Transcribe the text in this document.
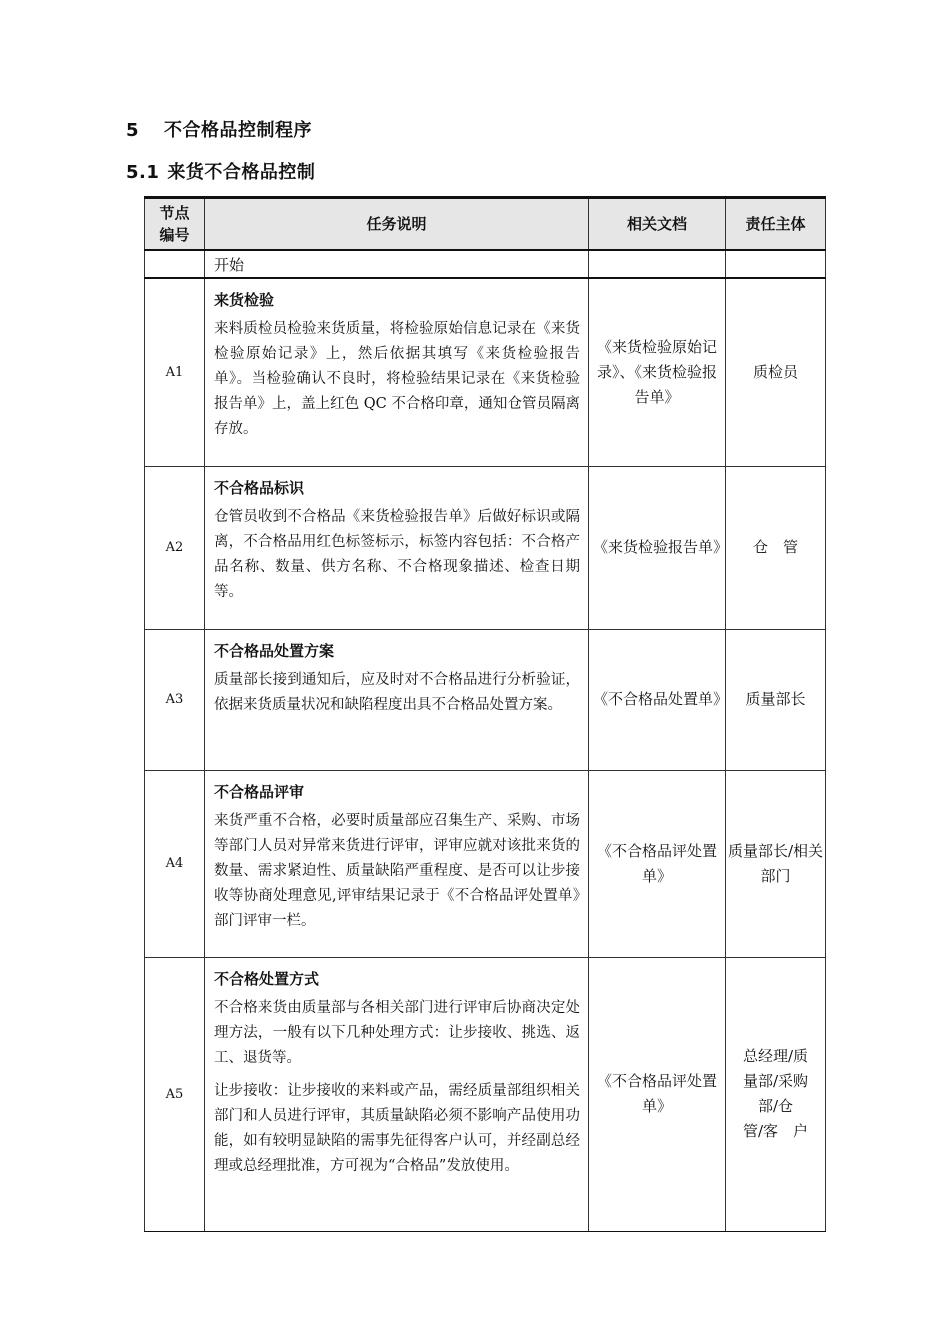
5 不合格品控制程序
5.1 来货不合格品控制
节点
编号	任务说明	相关文档	责任主体
	开始		
A1	来货检验
来料质检员检验来货质量，将检验原始信息记录在《来货检验原始记录》上，然后依据其填写《来货检验报告单》。当检验确认不良时，将检验结果记录在《来货检验报告单》上，盖上红色 QC 不合格印章，通知仓管员隔离存放。	《来货检验原始记录》、《来货检验报告单》	质检员
A2	不合格品标识
仓管员收到不合格品《来货检验报告单》后做好标识或隔离，不合格品用红色标签标示，标签内容包括：不合格产品名称、数量、供方名称、不合格现象描述、检查日期等。	《来货检验报告单》	仓　管
A3	不合格品处置方案
质量部长接到通知后，应及时对不合格品进行分析验证，依据来货质量状况和缺陷程度出具不合格品处置方案。	《不合格品处置单》	质量部长
A4	不合格品评审
来货严重不合格，必要时质量部应召集生产、采购、市场等部门人员对异常来货进行评审，评审应就对该批来货的数量、需求紧迫性、质量缺陷严重程度、是否可以让步接收等协商处理意见,评审结果记录于《不合格品评处置单》部门评审一栏。	《不合格品评处置单》	质量部长/相关部门
A5	不合格处置方式
不合格来货由质量部与各相关部门进行评审后协商决定处理方法，一般有以下几种处理方式：让步接收、挑选、返工、退货等。
让步接收：让步接收的来料或产品，需经质量部组织相关部门和人员进行评审，其质量缺陷必须不影响产品使用功能，如有较明显缺陷的需事先征得客户认可，并经副总经理或总经理批准，方可视为“合格品”发放使用。	《不合格品评处置单》	总经理/质量部/采购部/仓　管/客　户
